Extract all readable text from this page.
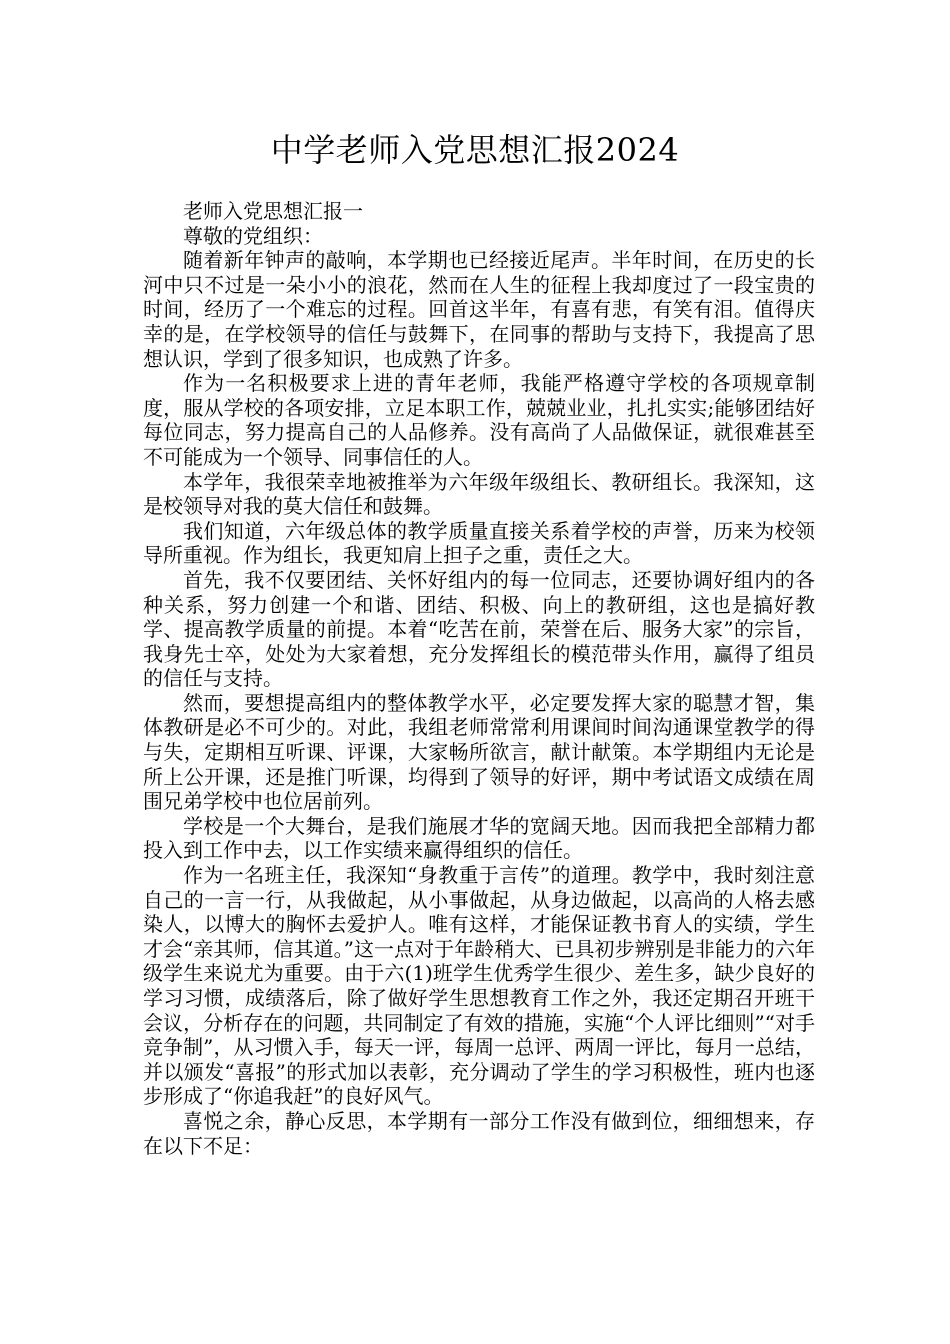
中学老师入党思想汇报2024

老师入党思想汇报一

尊敬的党组织：

随着新年钟声的敲响，本学期也已经接近尾声。半年时间，在历史的长河中只不过是一朵小小的浪花，然而在人生的征程上我却度过了一段宝贵的时间，经历了一个难忘的过程。回首这半年，有喜有悲，有笑有泪。值得庆幸的是，在学校领导的信任与鼓舞下，在同事的帮助与支持下，我提高了思想认识，学到了很多知识，也成熟了许多。

作为一名积极要求上进的青年老师，我能严格遵守学校的各项规章制度，服从学校的各项安排，立足本职工作，兢兢业业，扎扎实实;能够团结好每位同志，努力提高自己的人品修养。没有高尚了人品做保证，就很难甚至不可能成为一个领导、同事信任的人。

本学年，我很荣幸地被推举为六年级年级组长、教研组长。我深知，这是校领导对我的莫大信任和鼓舞。

我们知道，六年级总体的教学质量直接关系着学校的声誉，历来为校领导所重视。作为组长，我更知肩上担子之重，责任之大。

首先，我不仅要团结、关怀好组内的每一位同志，还要协调好组内的各种关系，努力创建一个和谐、团结、积极、向上的教研组，这也是搞好教学、提高教学质量的前提。本着“吃苦在前，荣誉在后、服务大家”的宗旨，我身先士卒，处处为大家着想，充分发挥组长的模范带头作用，赢得了组员的信任与支持。

然而，要想提高组内的整体教学水平，必定要发挥大家的聪慧才智，集体教研是必不可少的。对此，我组老师常常利用课间时间沟通课堂教学的得与失，定期相互听课、评课，大家畅所欲言，献计献策。本学期组内无论是所上公开课，还是推门听课，均得到了领导的好评，期中考试语文成绩在周围兄弟学校中也位居前列。

学校是一个大舞台，是我们施展才华的宽阔天地。因而我把全部精力都投入到工作中去，以工作实绩来赢得组织的信任。

作为一名班主任，我深知“身教重于言传”的道理。教学中，我时刻注意自己的一言一行，从我做起，从小事做起，从身边做起，以高尚的人格去感染人，以博大的胸怀去爱护人。唯有这样，才能保证教书育人的实绩，学生才会“亲其师，信其道。”这一点对于年龄稍大、已具初步辨别是非能力的六年级学生来说尤为重要。由于六(1)班学生优秀学生很少、差生多，缺少良好的学习习惯，成绩落后，除了做好学生思想教育工作之外，我还定期召开班干会议，分析存在的问题，共同制定了有效的措施，实施“个人评比细则”“对手竞争制”，从习惯入手，每天一评，每周一总评、两周一评比，每月一总结，并以颁发“喜报”的形式加以表彰，充分调动了学生的学习积极性，班内也逐步形成了“你追我赶”的良好风气。

喜悦之余，静心反思，本学期有一部分工作没有做到位，细细想来，存在以下不足：
